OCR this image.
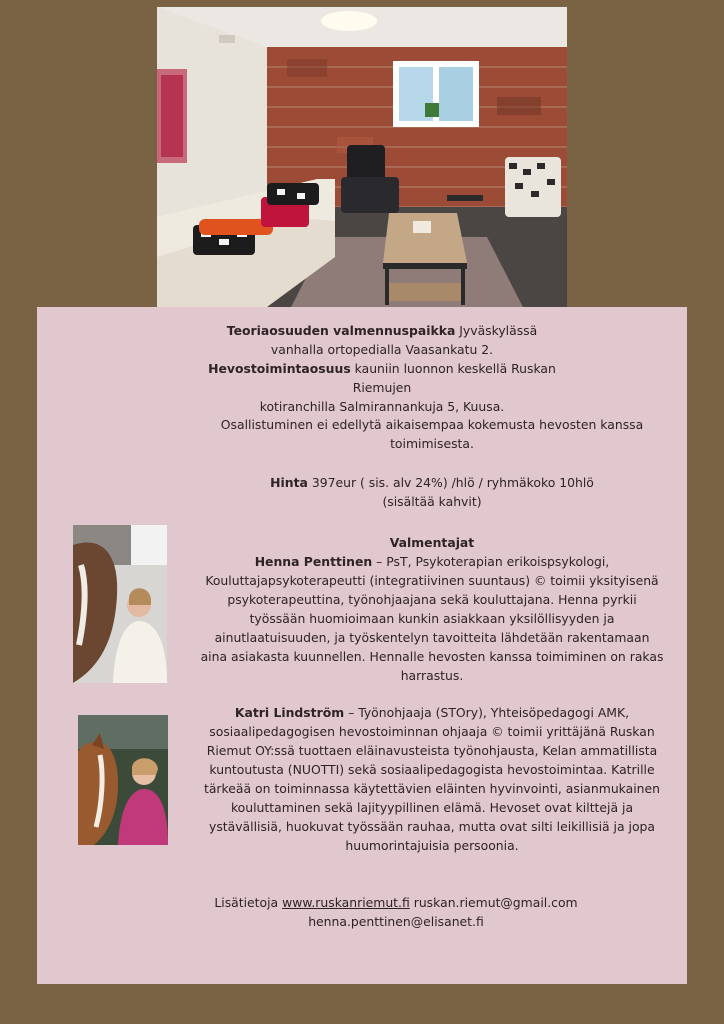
Teoriaosuuden valmennuspaikka Jyväskylässä
vanhalla ortopedialla Vaasankatu 2.
Hevostoimintaosuus kauniin luonnon keskellä Ruskan Riemujen
kotiranchilla Salmirannankuja 5, Kuusa.
Osallistuminen ei edellytä aikaisempaa kokemusta hevosten kanssa
toimimisesta.
Hinta 397eur ( sis. alv 24%) /hlö / ryhmäkoko 10hlö
(sisältää kahvit)
Valmentajat
Henna Penttinen – PsT, Psykoterapian erikoispsykologi,
Kouluttajapsykoterapeutti (integratiivinen suuntaus) © toimii yksityisenä
psykoterapeuttina, työnohjaajana sekä kouluttajana. Henna pyrkii
työssään huomioimaan kunkin asiakkaan yksilöllisyyden ja
ainutlaatuisuuden, ja työskentelyn tavoitteita lähdetään rakentamaan
aina asiakasta kuunnellen. Hennalle hevosten kanssa toimiminen on rakas
harrastus.
Katri Lindström – Työnohjaaja (STOry), Yhteisöpedagogi AMK,
sosiaalipedagogisen hevostoiminnan ohjaaja © toimii yrittäjänä Ruskan
Riemut OY:ssä tuottaen eläinavusteista työnohjausta, Kelan ammatillista
kuntoutusta (NUOTTI) sekä sosiaalipedagogista hevostoimintaa. Katrille
tärkeää on toiminnassa käytettävien eläinten hyvinvointi, asianmukainen
kouluttaminen sekä lajityypillinen elämä. Hevoset ovat kilttejä ja
ystävällisiä, huokuvat työssään rauhaa, mutta ovat silti leikillisiä ja jopa
huumorintajuisia persoonia.
Lisätietoja www.ruskanriemut.fi ruskan.riemut@gmail.com
henna.penttinen@elisanet.fi
